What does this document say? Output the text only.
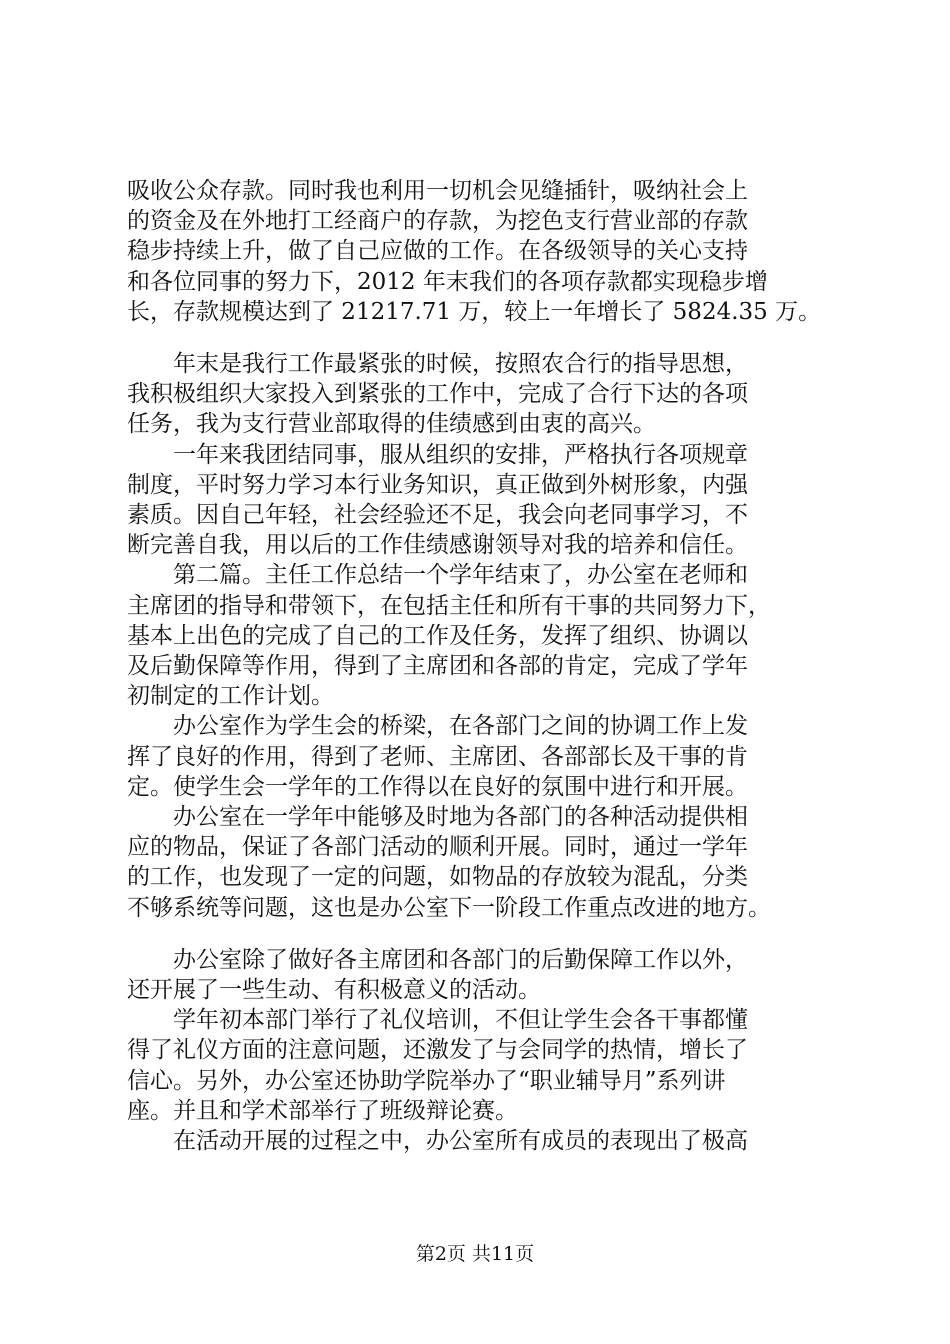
吸收公众存款。同时我也利用一切机会见缝插针，吸纳社会上
的资金及在外地打工经商户的存款，为挖色支行营业部的存款
稳步持续上升，做了自己应做的工作。在各级领导的关心支持
和各位同事的努力下，2012 年末我们的各项存款都实现稳步增
长，存款规模达到了 21217.71 万，较上一年增长了 5824.35 万。
　　年末是我行工作最紧张的时候，按照农合行的指导思想，
我积极组织大家投入到紧张的工作中，完成了合行下达的各项
任务，我为支行营业部取得的佳绩感到由衷的高兴。
　　一年来我团结同事，服从组织的安排，严格执行各项规章
制度，平时努力学习本行业务知识，真正做到外树形象，内强
素质。因自己年轻，社会经验还不足，我会向老同事学习，不
断完善自我，用以后的工作佳绩感谢领导对我的培养和信任。
　　第二篇。主任工作总结一个学年结束了，办公室在老师和
主席团的指导和带领下，在包括主任和所有干事的共同努力下，
基本上出色的完成了自己的工作及任务，发挥了组织、协调以
及后勤保障等作用，得到了主席团和各部的肯定，完成了学年
初制定的工作计划。
　　办公室作为学生会的桥梁，在各部门之间的协调工作上发
挥了良好的作用，得到了老师、主席团、各部部长及干事的肯
定。使学生会一学年的工作得以在良好的氛围中进行和开展。
　　办公室在一学年中能够及时地为各部门的各种活动提供相
应的物品，保证了各部门活动的顺利开展。同时，通过一学年
的工作，也发现了一定的问题，如物品的存放较为混乱，分类
不够系统等问题，这也是办公室下一阶段工作重点改进的地方。
　　办公室除了做好各主席团和各部门的后勤保障工作以外，
还开展了一些生动、有积极意义的活动。
　　学年初本部门举行了礼仪培训，不但让学生会各干事都懂
得了礼仪方面的注意问题，还激发了与会同学的热情，增长了
信心。另外，办公室还协助学院举办了“职业辅导月”系列讲
座。并且和学术部举行了班级辩论赛。
　　在活动开展的过程之中，办公室所有成员的表现出了极高
第2页 共11页
